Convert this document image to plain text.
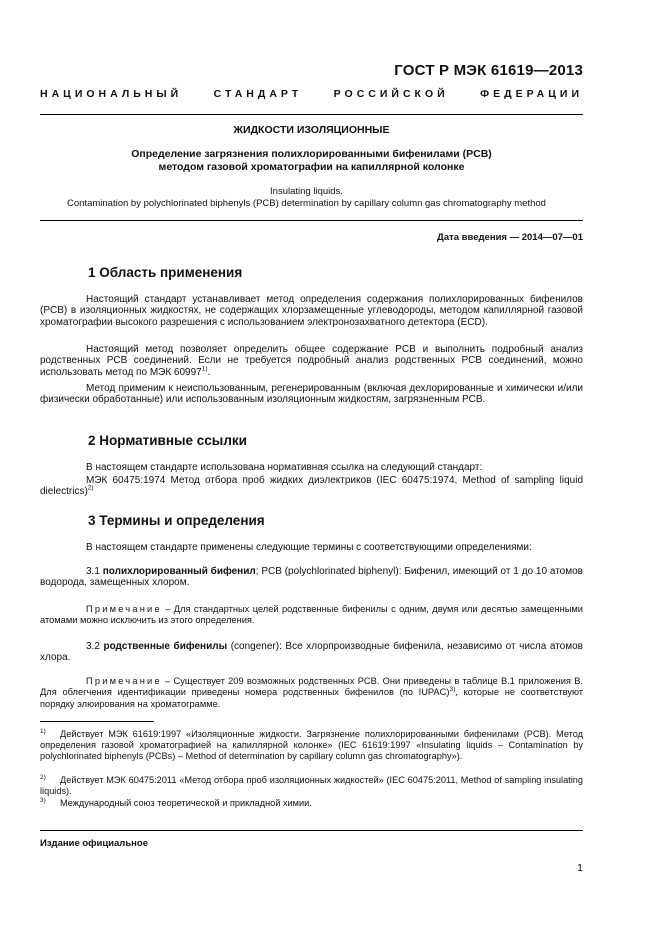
ГОСТ Р МЭК 61619—2013
НАЦИОНАЛЬНЫЙ СТАНДАРТ РОССИЙСКОЙ ФЕДЕРАЦИИ
ЖИДКОСТИ ИЗОЛЯЦИОННЫЕ
Определение загрязнения полихлорированными бифенилами (PCB)
методом газовой хроматографии на капиллярной колонке
Insulating liquids.
Contamination by polychlorinated biphenyls (PCB) determination by capillary column gas chromatography method
Дата введения — 2014—07—01
1 Область применения
Настоящий стандарт устанавливает метод определения содержания полихлорированных бифенилов (PCB) в изоляционных жидкостях, не содержащих хлорзамещенные углеводороды, методом капиллярной газовой хроматографии высокого разрешения с использованием электронозахватного детектора (ECD).
Настоящий метод позволяет определить общее содержание PCB и выполнить подробный анализ родственных PCB соединений. Если не требуется подробный анализ родственных PCB соединений, можно использовать метод по МЭК 60997$^{1)}$.
Метод применим к неиспользованным, регенерированным (включая дехлорированные и химически и/или физически обработанные) или использованным изоляционным жидкостям, загрязненным PCB.
2 Нормативные ссылки
В настоящем стандарте использована нормативная ссылка на следующий стандарт:
МЭК 60475:1974 Метод отбора проб жидких диэлектриков (IEC 60475:1974, Method of sampling liquid dielectrics)$^{2)}$
3 Термины и определения
В настоящем стандарте применены следующие термины с соответствующими определениями:
3.1 полихлорированный бифенил; PCB (polychlorinated biphenyl): Бифенил, имеющий от 1 до 10 атомов водорода, замещенных хлором.
Примечание – Для стандартных целей родственные бифенилы с одним, двумя или десятью замещенными атомами можно исключить из этого определения.
3.2 родственные бифенилы (congener): Все хлорпроизводные бифенила, независимо от числа атомов хлора.
Примечание – Существует 209 возможных родственных PCB. Они приведены в таблице В.1 приложения В. Для облегчения идентификации приведены номера родственных бифенилов (по IUPAC)$^{3)}$, которые не соответствуют порядку элюирования на хроматограмме.
1) Действует МЭК 61619:1997 «Изоляционные жидкости. Загрязнение полихлорированными бифенилами (PCB). Метод определения газовой хроматографией на капиллярной колонке» (IEC 61619:1997 «Insulating liquids – Contamination by polychlorinated biphenyls (PCBs) – Method of determination by capillary column gas chromatography»).
2) Действует МЭК 60475:2011 «Метод отбора проб изоляционных жидкостей» (IEC 60475:2011, Method of sampling insulating liquids).
3) Международный союз теоретической и прикладной химии.
Издание официальное
1
